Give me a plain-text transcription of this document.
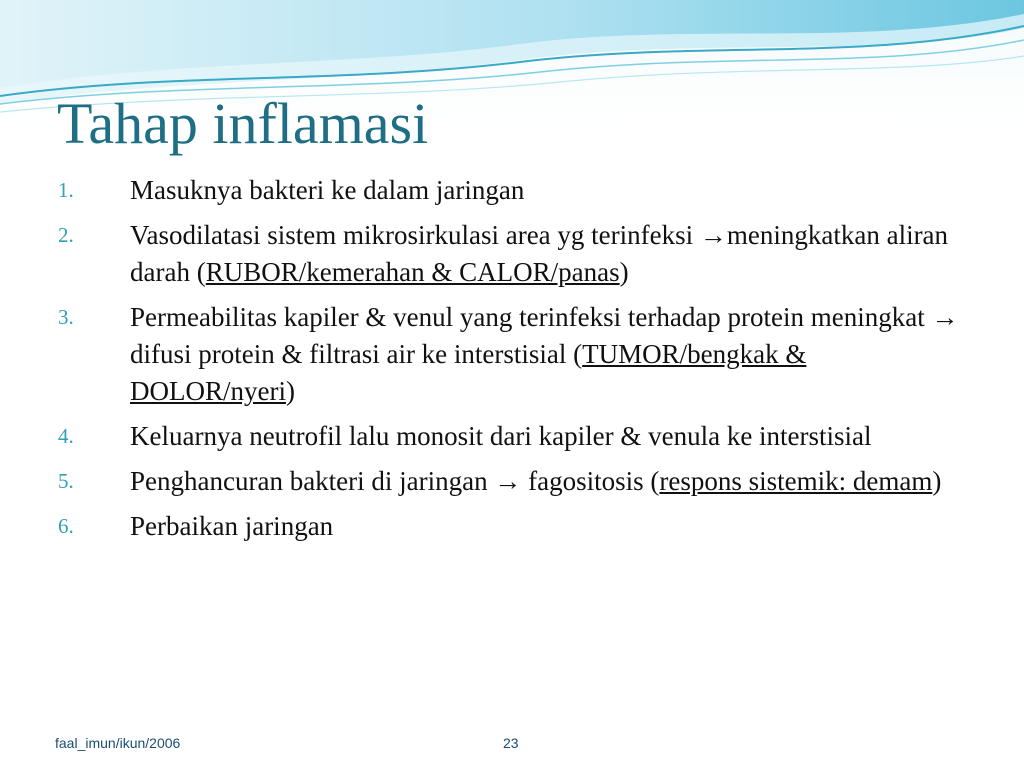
Tahap inflamasi
1.	Masuknya bakteri ke dalam jaringan
2.	Vasodilatasi sistem mikrosirkulasi area yg terinfeksi →meningkatkan aliran darah (RUBOR/kemerahan & CALOR/panas)
3.	Permeabilitas kapiler & venul yang terinfeksi terhadap protein meningkat → difusi protein & filtrasi air ke interstisial (TUMOR/bengkak & DOLOR/nyeri)
4.	Keluarnya neutrofil lalu monosit dari kapiler & venula ke interstisial
5.	Penghancuran bakteri di jaringan → fagositosis (respons sistemik: demam)
6.	Perbaikan jaringan
faal_imun/ikun/2006	23
